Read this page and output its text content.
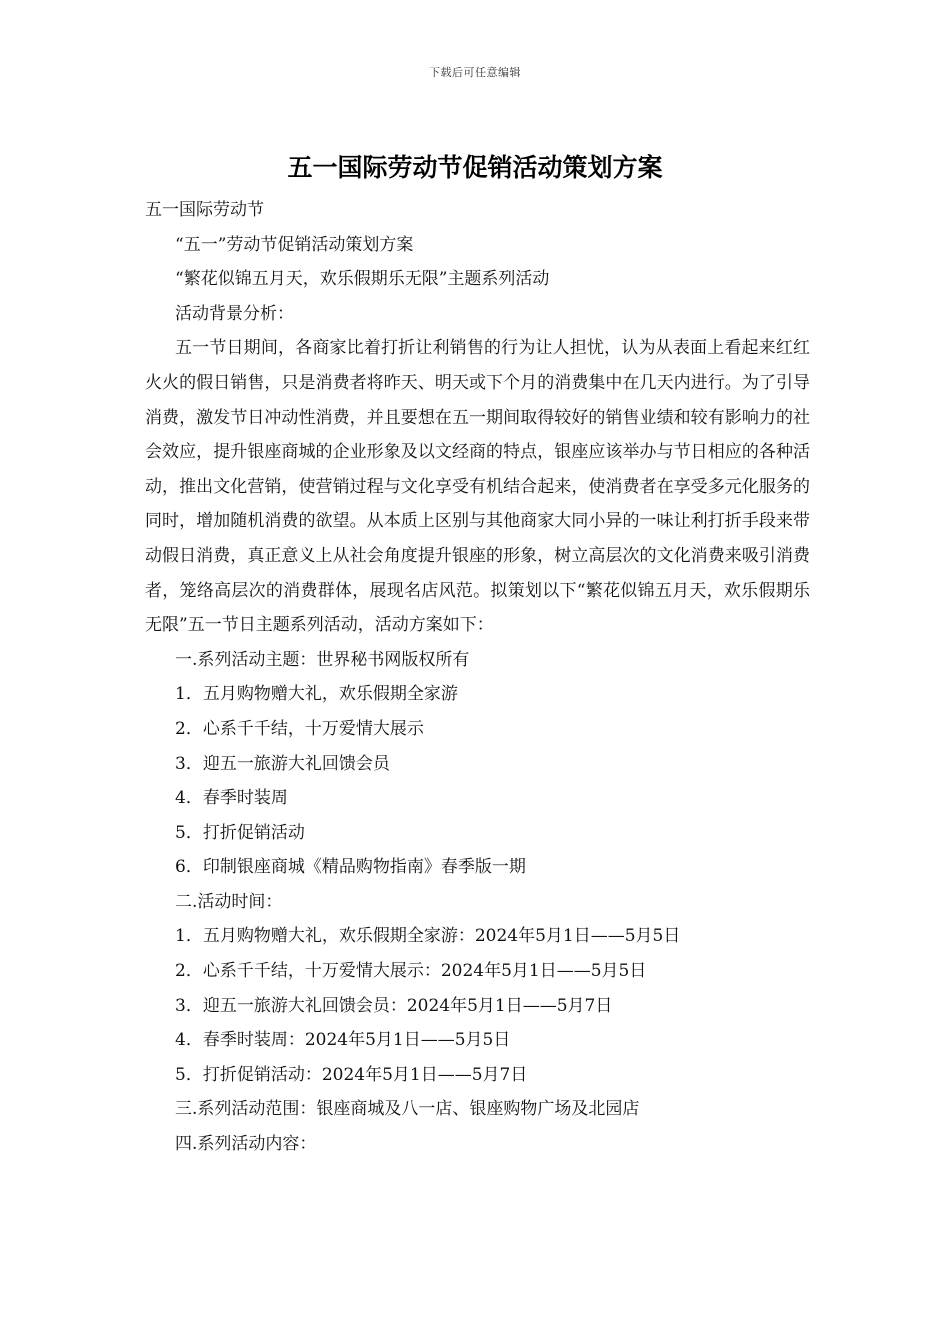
下载后可任意编辑
五一国际劳动节促销活动策划方案
五一国际劳动节
“五一”劳动节促销活动策划方案
“繁花似锦五月天，欢乐假期乐无限”主题系列活动
活动背景分析：
五一节日期间，各商家比着打折让利销售的行为让人担忧，认为从表面上看起来红红火火的假日销售，只是消费者将昨天、明天或下个月的消费集中在几天内进行。为了引导消费，激发节日冲动性消费，并且要想在五一期间取得较好的销售业绩和较有影响力的社会效应，提升银座商城的企业形象及以文经商的特点，银座应该举办与节日相应的各种活动，推出文化营销，使营销过程与文化享受有机结合起来，使消费者在享受多元化服务的同时，增加随机消费的欲望。从本质上区别与其他商家大同小异的一味让利打折手段来带动假日消费，真正意义上从社会角度提升银座的形象，树立高层次的文化消费来吸引消费者，笼络高层次的消费群体，展现名店风范。拟策划以下“繁花似锦五月天，欢乐假期乐无限”五一节日主题系列活动，活动方案如下：
一.系列活动主题：世界秘书网版权所有
1．五月购物赠大礼，欢乐假期全家游
2．心系千千结，十万爱情大展示
3．迎五一旅游大礼回馈会员
4．春季时装周
5．打折促销活动
6．印制银座商城《精品购物指南》春季版一期
二.活动时间：
1．五月购物赠大礼，欢乐假期全家游：2024年5月1日——5月5日
2．心系千千结，十万爱情大展示：2024年5月1日——5月5日
3．迎五一旅游大礼回馈会员：2024年5月1日——5月7日
4．春季时装周：2024年5月1日——5月5日
5．打折促销活动：2024年5月1日——5月7日
三.系列活动范围：银座商城及八一店、银座购物广场及北园店
四.系列活动内容：
